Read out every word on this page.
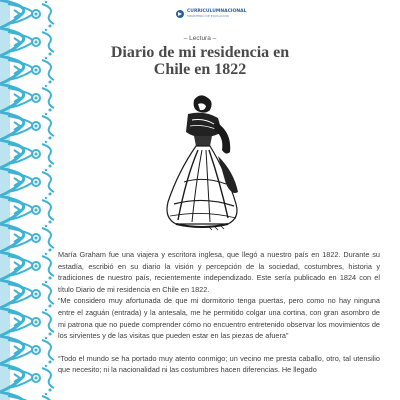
CURRICULUMNACIONAL
MINISTERIO DE EDUCACIÓN
– Lectura –
Diario de mi residencia en
Chile en 1822

María Graham fue una viajera y escritora inglesa, que llegó a nuestro país en 1822. Durante su estadía, escribió en su diario la visión y percepción de la sociedad, costumbres, historia y tradiciones de nuestro país, recientemente independizado. Este sería publicado en 1824 con el título Diario de mi residencia en Chile en 1822.

“Me considero muy afortunada de que mi dormitorio tenga puertas, pero como no hay ninguna entre el zaguán (entrada) y la antesala, me he permitido colgar una cortina, con gran asombro de mi patrona que no puede comprender cómo no encuentro entretenido observar los movimientos de los sirvientes y de las visitas que pueden estar en las piezas de afuera”

“Todo el mundo se ha portado muy atento conmigo; un vecino me presta caballo, otro, tal utensilio que necesito; ni la nacionalidad ni las costumbres hacen diferencias. He llegado
